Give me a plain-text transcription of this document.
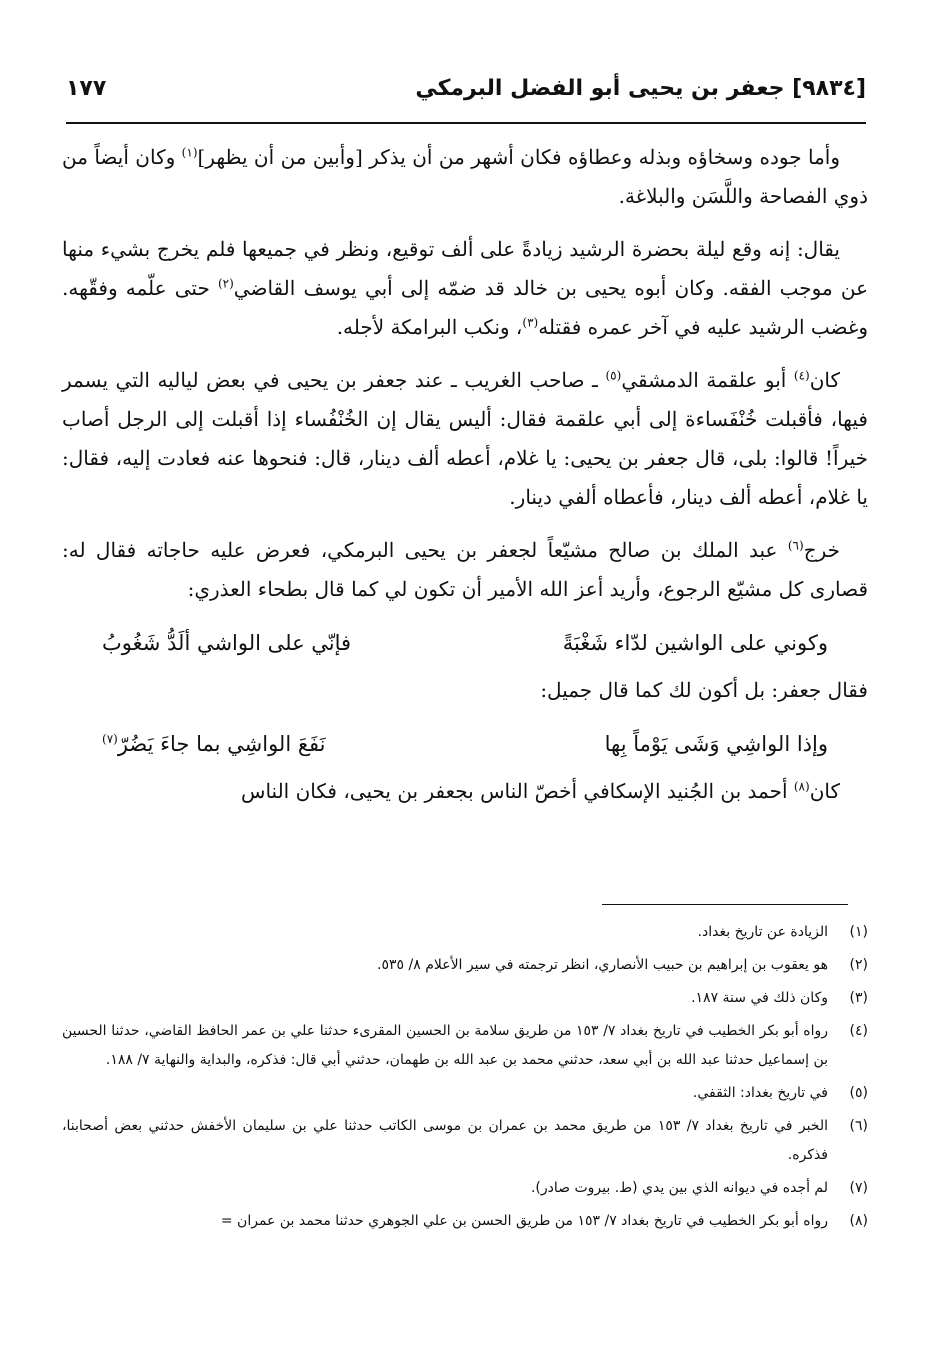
[٩٨٣٤] جعفر بن يحيى أبو الفضل البرمكي
١٧٧

وأما جوده وسخاؤه وبذله وعطاؤه فكان أشهر من أن يذكر [وأبين من أن يظهر]$^{(١)}$ وكان أيضاً من ذوي الفصاحة واللَّسَن والبلاغة.

يقال: إنه وقع ليلة بحضرة الرشيد زيادةً على ألف توقيع، ونظر في جميعها فلم يخرج بشيء منها عن موجب الفقه. وكان أبوه يحيى بن خالد قد ضمّه إلى أبي يوسف القاضي$^{(٢)}$ حتى علّمه وفقّهه. وغضب الرشيد عليه في آخر عمره فقتله$^{(٣)}$، ونكب البرامكة لأجله.

كان$^{(٤)}$ أبو علقمة الدمشقي$^{(٥)}$ ـ صاحب الغريب ـ عند جعفر بن يحيى في بعض لياليه التي يسمر فيها، فأقبلت خُنْفَساءة إلى أبي علقمة فقال: أليس يقال إن الخُنْفُساء إذا أقبلت إلى الرجل أصاب خيراً! قالوا: بلى، قال جعفر بن يحيى: يا غلام، أعطه ألف دينار، قال: فنحوها عنه فعادت إليه، فقال: يا غلام، أعطه ألف دينار، فأعطاه ألفي دينار.

خرج$^{(٦)}$ عبد الملك بن صالح مشيّعاً لجعفر بن يحيى البرمكي، فعرض عليه حاجاته فقال له: قصارى كل مشيّع الرجوع، وأريد أعز الله الأمير أن تكون لي كما قال بطحاء العذري:

وكوني على الواشين لدّاء شَغْبَةً
فإنّي على الواشي ألَدُّ شَغُوبُ

فقال جعفر: بل أكون لك كما قال جميل:

وإذا الواشِي وَشَى يَوْماً بِها
نَفَعَ الواشِي بما جاءَ يَضُرّ$^{(٧)}$

كان$^{(٨)}$ أحمد بن الجُنيد الإسكافي أخصّ الناس بجعفر بن يحيى، فكان الناس

(١)
الزيادة عن تاريخ بغداد.
(٢)
هو يعقوب بن إبراهيم بن حبيب الأنصاري، انظر ترجمته في سير الأعلام ٨/ ٥٣٥.
(٣)
وكان ذلك في سنة ١٨٧.
(٤)
رواه أبو بكر الخطيب في تاريخ بغداد ٧/ ١٥٣ من طريق سلامة بن الحسين المقرىء حدثنا علي بن عمر الحافظ القاضي، حدثنا الحسين بن إسماعيل حدثنا عبد الله بن أبي سعد، حدثني محمد بن عبد الله بن طهمان، حدثني أبي قال: فذكره، والبداية والنهاية ٧/ ١٨٨.
(٥)
في تاريخ بغداد: الثقفي.
(٦)
الخبر في تاريخ بغداد ٧/ ١٥٣ من طريق محمد بن عمران بن موسى الكاتب حدثنا علي بن سليمان الأخفش حدثني بعض أصحابنا، فذكره.
(٧)
لم أجده في ديوانه الذي بين يدي (ط. بيروت صادر).
(٨)
رواه أبو بكر الخطيب في تاريخ بغداد ٧/ ١٥٣ من طريق الحسن بن علي الجوهري حدثنا محمد بن عمران =
